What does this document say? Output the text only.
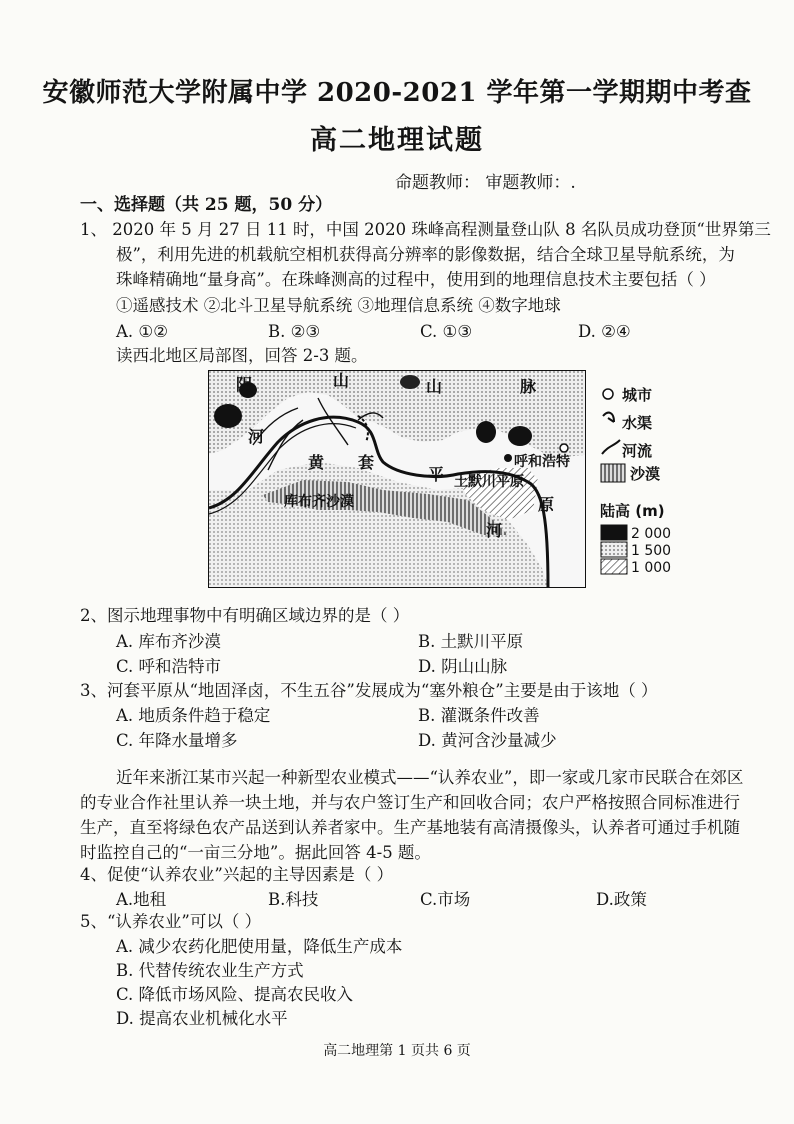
安徽师范大学附属中学 2020-2021 学年第一学期期中考查
高二地理试题
命题教师： 审题教师：.
一、选择题（共 25 题，50 分）
1、 2020 年 5 月 27 日 11 时，中国 2020 珠峰高程测量登山队 8 名队员成功登顶“世界第三
极”，利用先进的机载航空相机获得高分辨率的影像数据，结合全球卫星导航系统，为
珠峰精确地“量身高”。在珠峰测高的过程中，使用到的地理信息技术主要包括（ ）
①遥感技术 ②北斗卫星导航系统 ③地理信息系统 ④数字地球
A. ①②	B. ②③	C. ①③	D. ②④
读西北地区局部图，回答 2-3 题。
阴	山	山	脉
河
黄 套
平
原
河
库布齐沙漠
土默川平原
呼和浩特
城市
水渠
河流
沙漠
陆高 (m)
2 000
1 500
1 000
2、图示地理事物中有明确区域边界的是（ ）
A. 库布齐沙漠	B. 土默川平原
C. 呼和浩特市	D. 阴山山脉
3、河套平原从“地固泽卤，不生五谷”发展成为“塞外粮仓”主要是由于该地（ ）
A. 地质条件趋于稳定	B. 灌溉条件改善
C. 年降水量增多	D. 黄河含沙量减少
近年来浙江某市兴起一种新型农业模式——“认养农业”，即一家或几家市民联合在郊区
的专业合作社里认养一块土地，并与农户签订生产和回收合同；农户严格按照合同标准进行
生产，直至将绿色农产品送到认养者家中。生产基地装有高清摄像头，认养者可通过手机随
时监控自己的“一亩三分地”。据此回答 4-5 题。
4、促使“认养农业”兴起的主导因素是（ ）
A.地租	B.科技	C.市场	D.政策
5、“认养农业”可以（ ）
A. 减少农药化肥使用量，降低生产成本
B. 代替传统农业生产方式
C. 降低市场风险、提高农民收入
D. 提高农业机械化水平
高二地理第 1 页共 6 页
